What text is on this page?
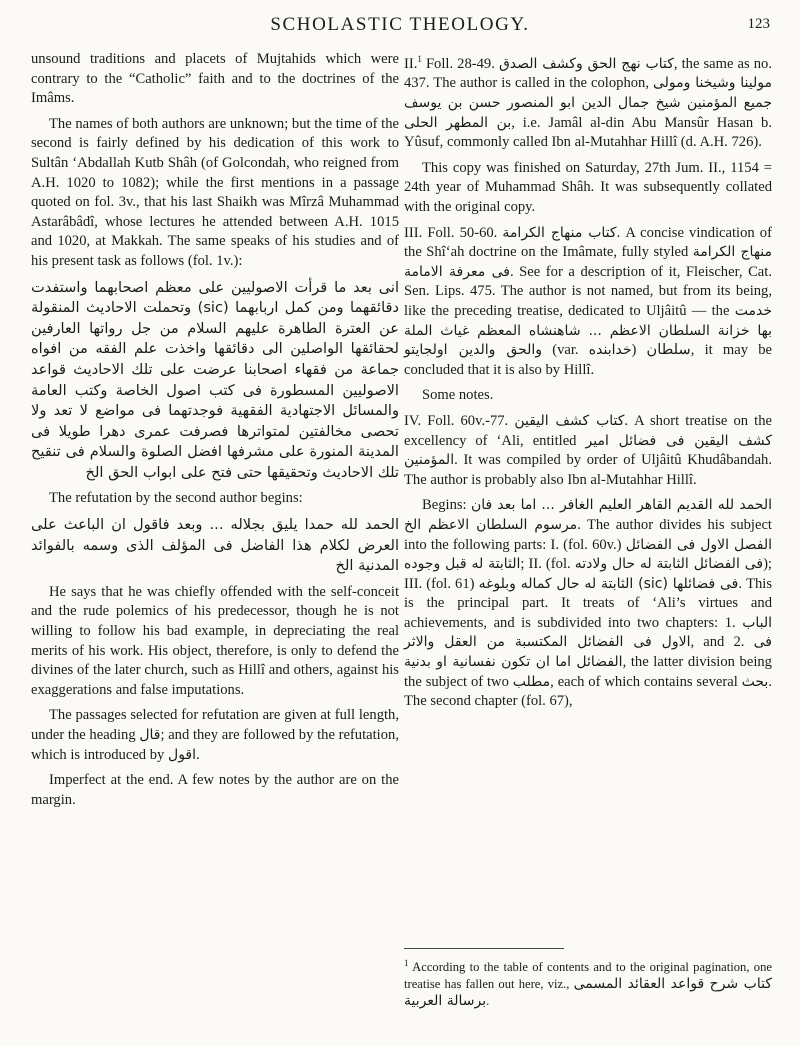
SCHOLASTIC THEOLOGY.	123

unsound traditions and placets of Mujtahids which were contrary to the “Catholic” faith and to the doctrines of the Imâms.

The names of both authors are unknown; but the time of the second is fairly defined by his dedication of this work to Sultân ‘Abdallah Kutb Shâh (of Golcondah, who reigned from A.H. 1020 to 1082); while the first mentions in a passage quoted on fol. 3v., that his last Shaikh was Mîrzâ Muhammad Astarâbâdî, whose lectures he attended between A.H. 1015 and 1020, at Makkah. The same speaks of his studies and of his present task as follows (fol. 1v.):

انى بعد ما قرأت الاصوليين على معظم اصحابهما واستفدت دقائقهما ومن كمل اربابهما (sic) وتحملت الاحاديث المنقولة عن العترة الطاهرة عليهم السلام من جل رواتها العارفين لحقائقها الواصلين الى دقائقها واخذت علم الفقه من افواه جماعة من فقهاء اصحابنا عرضت على تلك الاحاديث قواعد الاصوليين المسطورة فى كتب اصول الخاصة وكتب العامة والمسائل الاجتهادية الفقهية فوجدتهما فى مواضع لا تعد ولا تحصى مخالفتين لمتواترها فصرفت عمرى دهرا طويلا فى المدينة المنورة على مشرفها افضل الصلوة والسلام فى تنقيح تلك الاحاديث وتحقيقها حتى فتح على ابواب الحق الخ

The refutation by the second author begins:

الحمد لله حمدا يليق بجلاله ... وبعد فاقول ان الباعث على العرض لكلام هذا الفاضل فى المؤلف الذى وسمه بالفوائد المدنية الخ

He says that he was chiefly offended with the self-conceit and the rude polemics of his predecessor, though he is not willing to follow his bad example, in depreciating the real merits of his work. His object, therefore, is only to defend the divines of the later church, such as Hillî and others, against his exaggerations and false imputations.

The passages selected for refutation are given at full length, under the heading قال; and they are followed by the refutation, which is introduced by اقول.

Imperfect at the end. A few notes by the author are on the margin.

II.$^1$ Foll. 28-49. كتاب نهج الحق وكشف الصدق, the same as no. 437. The author is called in the colophon, مولينا وشيخنا ومولى جميع المؤمنين شيخ جمال الدين ابو المنصور حسن بن يوسف بن المطهر الحلى, i.e. Jamâl al-din Abu Mansûr Hasan b. Yûsuf, commonly called Ibn al-Mutahhar Hillî (d. A.H. 726).

This copy was finished on Saturday, 27th Jum. II., 1154 = 24th year of Muhammad Shâh. It was subsequently collated with the original copy.

III. Foll. 50-60. كتاب منهاج الكرامة. A concise vindication of the Shî‘ah doctrine on the Imâmate, fully styled منهاج الكرامة فى معرفة الامامة. See for a description of it, Fleischer, Cat. Sen. Lips. 475. The author is not named, but from its being, like the preceding treatise, dedicated to Uljâitû — the خدمت بها خزانة السلطان الاعظم ... شاهنشاه المعظم غياث الملة والحق والدين اولجايتو (var. خدابنده) سلطان, it may be concluded that it is also by Hillî.

Some notes.

IV. Foll. 60v.-77. كتاب كشف اليقين. A short treatise on the excellency of ‘Ali, entitled كشف اليقين فى فضائل امير المؤمنين. It was compiled by order of Uljâitû Khudâbandah. The author is probably also Ibn al-Mutahhar Hillî.

Begins: الحمد لله القديم القاهر العليم الغافر ... اما بعد فان مرسوم السلطان الاعظم الخ. The author divides his subject into the following parts: I. (fol. 60v.) الفصل الاول فى الفضائل الثابتة له قبل وجوده; II. (fol. فى الفضائل الثابتة له حال ولادته); III. (fol. 61) فى فضائلها (sic) الثابتة له حال كماله وبلوغه. This is the principal part. It treats of ‘Ali’s virtues and achievements, and is subdivided into two chapters: 1. الباب الاول فى الفضائل المكتسبة من العقل والاثر, and 2. فى الفضائل اما ان تكون نفسانية او بدنية, the latter division being the subject of two مطلب, each of which contains several بحث. The second chapter (fol. 67),

$^1$ According to the table of contents and to the original pagination, one treatise has fallen out here, viz., كتاب شرح قواعد العقائد المسمى برسالة العربية.
